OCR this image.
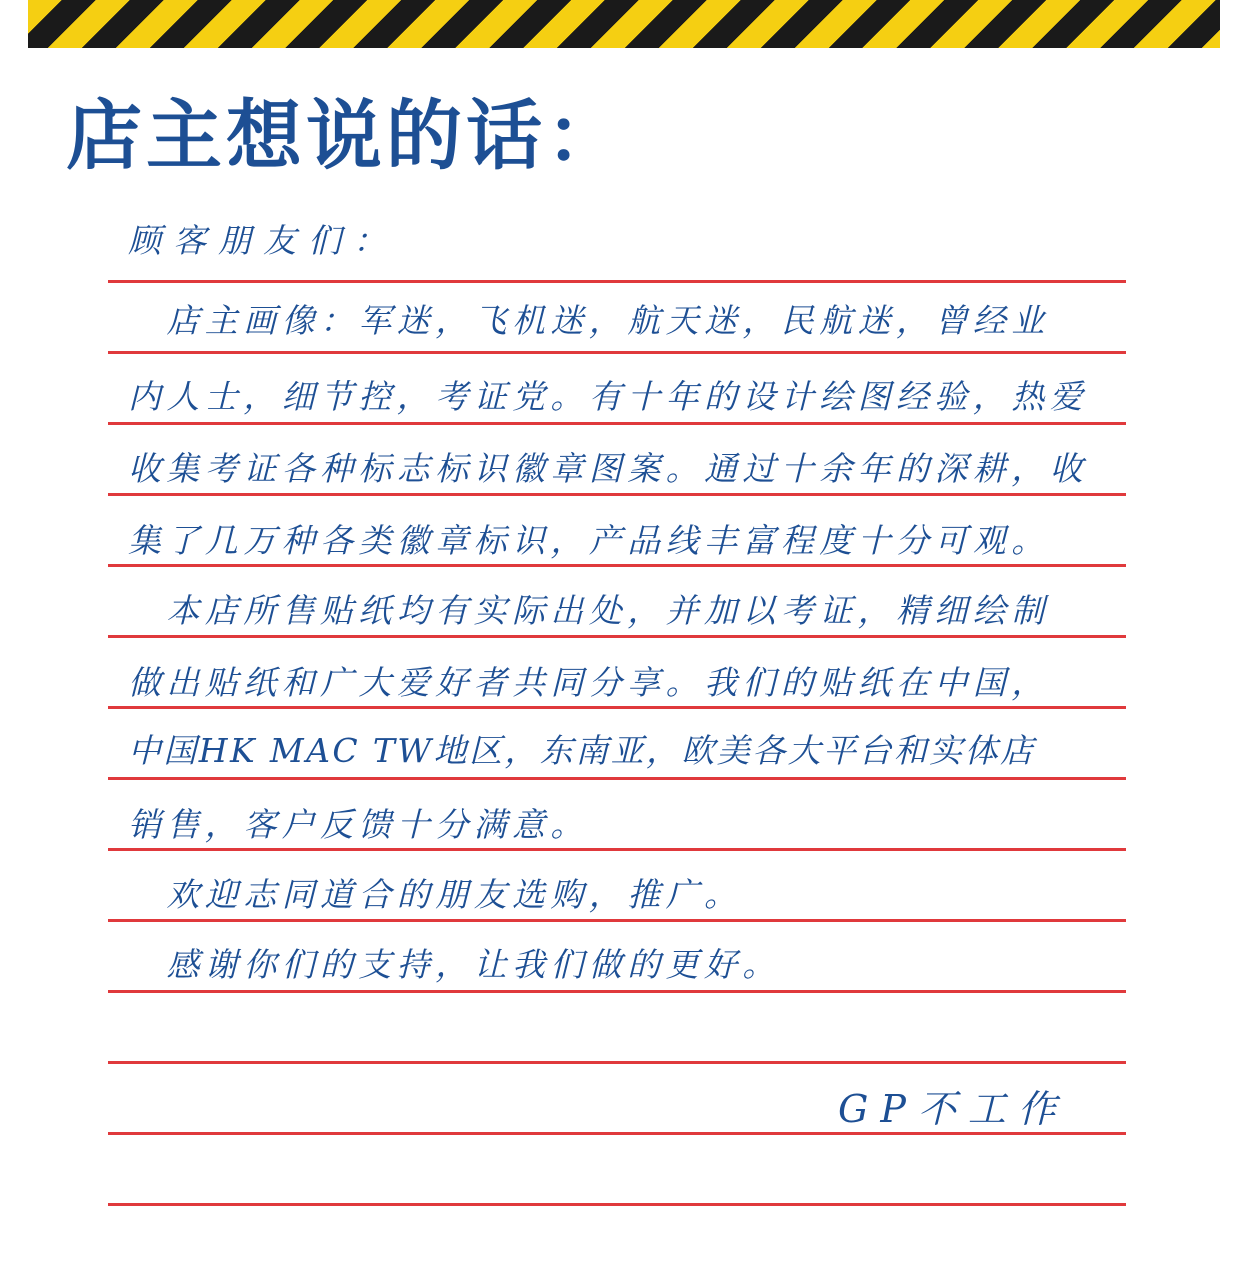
店主想说的话：
顾客朋友们：
　店主画像：军迷，飞机迷，航天迷，民航迷，曾经业
内人士，细节控，考证党。有十年的设计绘图经验，热爱
收集考证各种标志标识徽章图案。通过十余年的深耕，收
集了几万种各类徽章标识，产品线丰富程度十分可观。
　本店所售贴纸均有实际出处，并加以考证，精细绘制
做出贴纸和广大爱好者共同分享。我们的贴纸在中国，
中国HK MAC TW地区，东南亚，欧美各大平台和实体店
销售，客户反馈十分满意。
　欢迎志同道合的朋友选购，推广。
　感谢你们的支持，让我们做的更好。
GP不工作
